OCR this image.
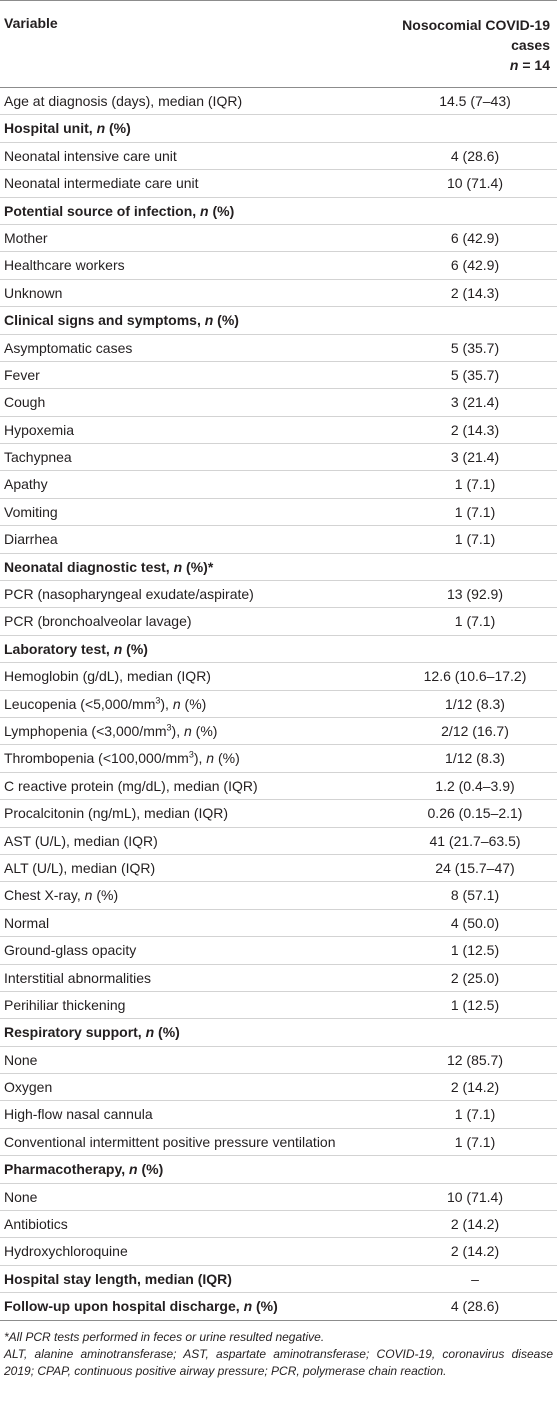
Variable	Nosocomial COVID-19
cases
n = 14
Age at diagnosis (days), median (IQR)	14.5 (7–43)
Hospital unit, n (%)
Neonatal intensive care unit	4 (28.6)
Neonatal intermediate care unit	10 (71.4)
Potential source of infection, n (%)
Mother	6 (42.9)
Healthcare workers	6 (42.9)
Unknown	2 (14.3)
Clinical signs and symptoms, n (%)
Asymptomatic cases	5 (35.7)
Fever	5 (35.7)
Cough	3 (21.4)
Hypoxemia	2 (14.3)
Tachypnea	3 (21.4)
Apathy	1 (7.1)
Vomiting	1 (7.1)
Diarrhea	1 (7.1)
Neonatal diagnostic test, n (%)*
PCR (nasopharyngeal exudate/aspirate)	13 (92.9)
PCR (bronchoalveolar lavage)	1 (7.1)
Laboratory test, n (%)
Hemoglobin (g/dL), median (IQR)	12.6 (10.6–17.2)
Leucopenia $(<5,000/mm^3)$, n (%)	1/12 (8.3)
Lymphopenia $(<3,000/mm^3)$, n (%)	2/12 (16.7)
Thrombopenia $(<100,000/mm^3)$, n (%)	1/12 (8.3)
C reactive protein (mg/dL), median (IQR)	1.2 (0.4–3.9)
Procalcitonin (ng/mL), median (IQR)	0.26 (0.15–2.1)
AST (U/L), median (IQR)	41 (21.7–63.5)
ALT (U/L), median (IQR)	24 (15.7–47)
Chest X-ray, n (%)	8 (57.1)
Normal	4 (50.0)
Ground-glass opacity	1 (12.5)
Interstitial abnormalities	2 (25.0)
Perihiliar thickening	1 (12.5)
Respiratory support, n (%)
None	12 (85.7)
Oxygen	2 (14.2)
High-flow nasal cannula	1 (7.1)
Conventional intermittent positive pressure ventilation	1 (7.1)
Pharmacotherapy, n (%)
None	10 (71.4)
Antibiotics	2 (14.2)
Hydroxychloroquine	2 (14.2)
Hospital stay length, median (IQR)	–
Follow-up upon hospital discharge, n (%)	4 (28.6)

*All PCR tests performed in feces or urine resulted negative.

ALT, alanine aminotransferase; AST, aspartate aminotransferase; COVID-19, coronavirus disease 2019; CPAP, continuous positive airway pressure; PCR, polymerase chain reaction.
